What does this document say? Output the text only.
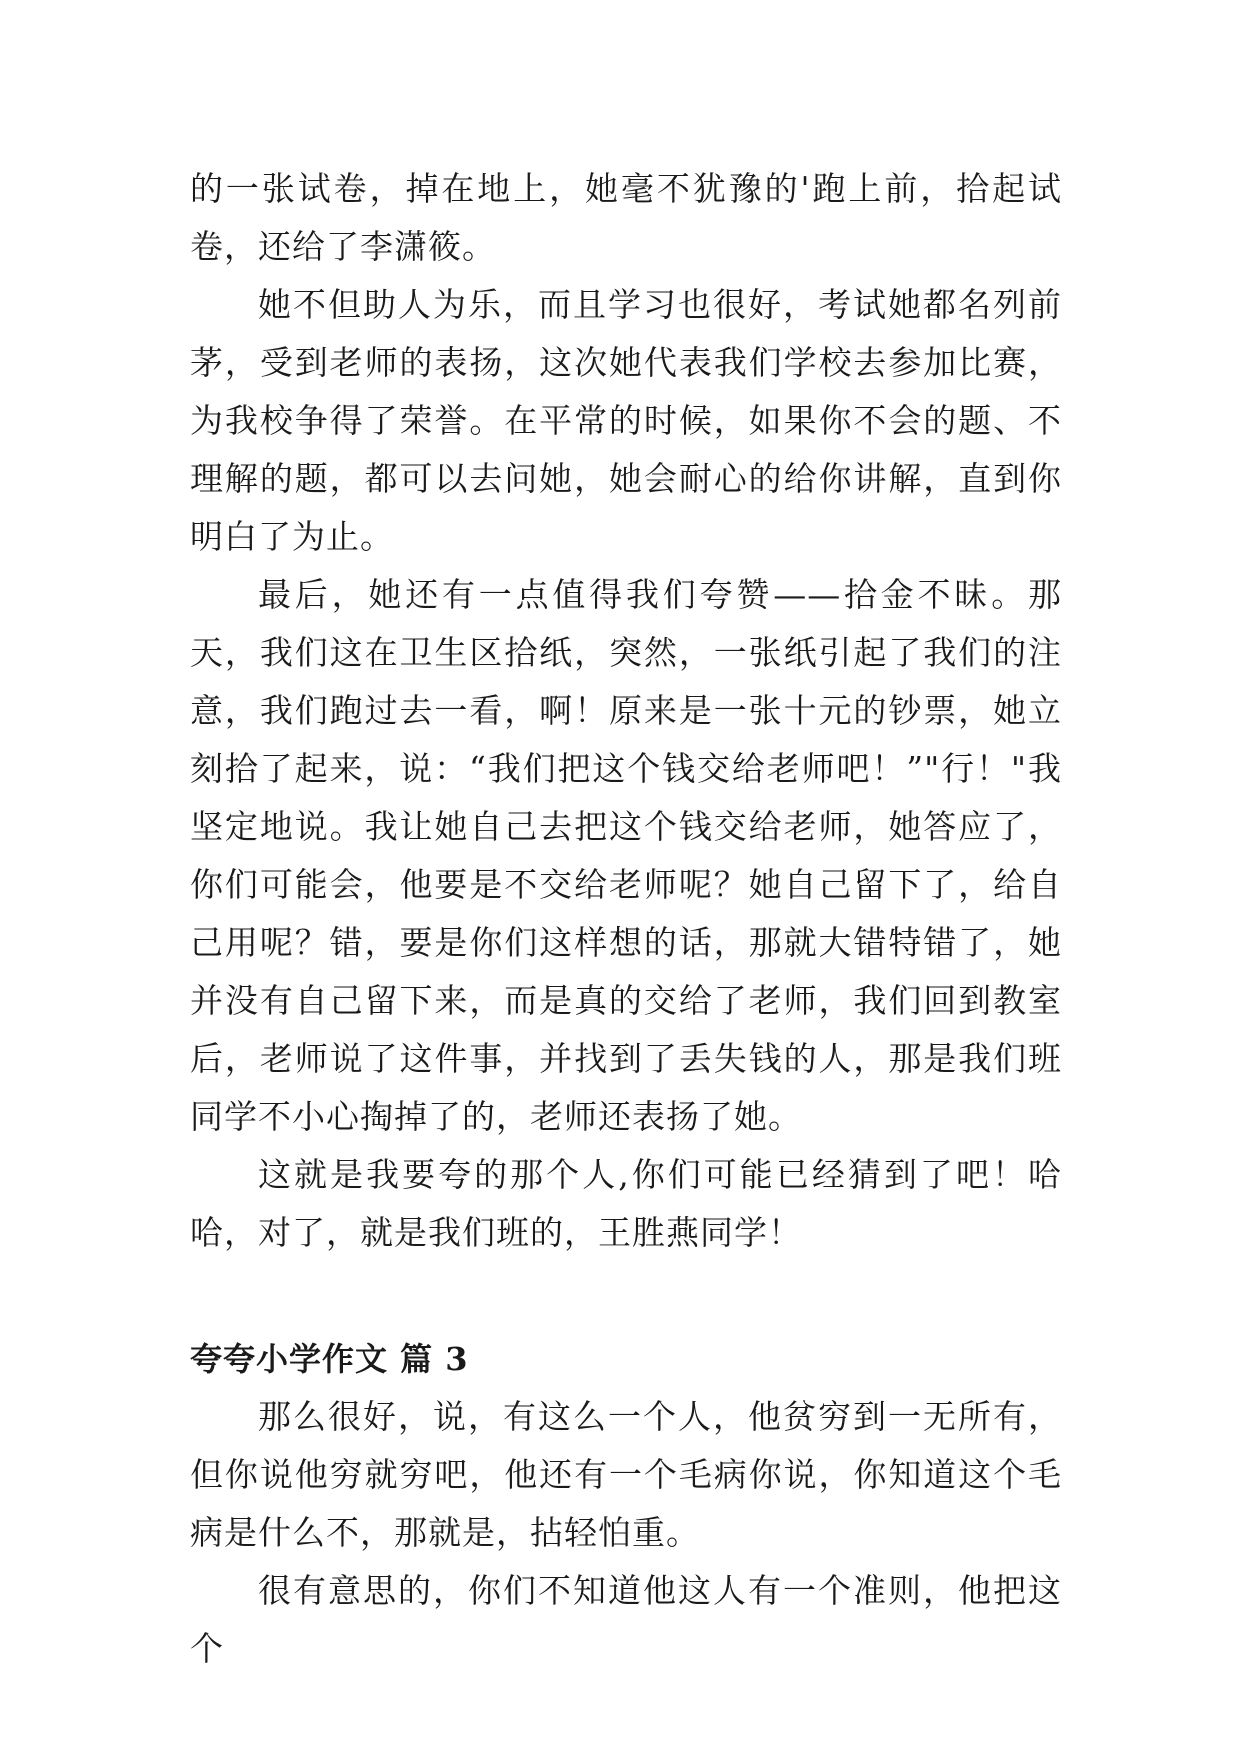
的一张试卷，掉在地上，她毫不犹豫的'跑上前，拾起试卷，还给了李潇筱。

她不但助人为乐，而且学习也很好，考试她都名列前茅，受到老师的表扬，这次她代表我们学校去参加比赛，为我校争得了荣誉。在平常的时候，如果你不会的题、不理解的题，都可以去问她，她会耐心的给你讲解，直到你明白了为止。

最后，她还有一点值得我们夸赞——拾金不昧。那天，我们这在卫生区拾纸，突然，一张纸引起了我们的注意，我们跑过去一看，啊！原来是一张十元的钞票，她立刻拾了起来，说：“我们把这个钱交给老师吧！”"行！"我坚定地说。我让她自己去把这个钱交给老师，她答应了，你们可能会，他要是不交给老师呢？她自己留下了，给自己用呢？错，要是你们这样想的话，那就大错特错了，她并没有自己留下来，而是真的交给了老师，我们回到教室后，老师说了这件事，并找到了丢失钱的人，那是我们班同学不小心掏掉了的，老师还表扬了她。

这就是我要夸的那个人,你们可能已经猜到了吧！哈哈，对了，就是我们班的，王胜燕同学！

夸夸小学作文 篇 3

那么很好，说，有这么一个人，他贫穷到一无所有，但你说他穷就穷吧，他还有一个毛病你说，你知道这个毛病是什么不，那就是，拈轻怕重。

很有意思的，你们不知道他这人有一个准则，他把这个
